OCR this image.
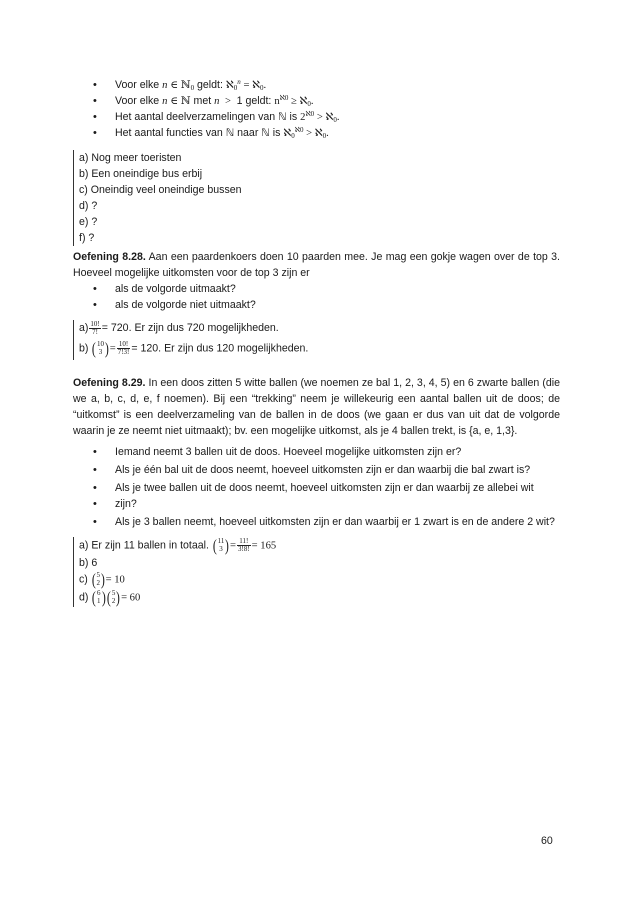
• Voor elke n ∈ ℕ$_0$ geldt: ℵ$_0^n$ = ℵ$_0$.
• Voor elke n ∈ ℕ met n  >  1 geldt: $n^{ℵ0}$ ≥ ℵ$_0$.
• Het aantal deelverzamelingen van ℕ is $2^{ℵ0}$ > ℵ$_0$.
• Het aantal functies van ℕ naar ℕ is ℵ$_0^{ℵ0}$ > ℵ$_0$.
a) Nog meer toeristen
b) Een oneindige bus erbij
c) Oneindig veel oneindige bussen
d) ?
e) ?
f) ?
Oefening 8.28. Aan een paardenkoers doen 10 paarden mee. Je mag een gokje wagen over de top 3. Hoeveel mogelijke uitkomsten voor de top 3 zijn er
• als de volgorde uitmaakt?
• als de volgorde niet uitmaakt?
$a) \frac{10!}{7!} = 720$. Er zijn dus 720 mogelijkheden.
b) ( 10
3 ) = $\frac{10!}{7!3!} = 120$. Er zijn dus 120 mogelijkheden.
Oefening 8.29. In een doos zitten 5 witte ballen (we noemen ze bal 1, 2, 3, 4, 5) en 6 zwarte ballen (die we a, b, c, d, e, f noemen). Bij een “trekking” neem je willekeurig een aantal ballen uit de doos; de “uitkomst” is een deelverzameling van de ballen in de doos (we gaan er dus van uit dat de volgorde waarin je ze neemt niet uitmaakt); bv. een mogelijke uitkomst, als je 4 ballen trekt, is {a, e, 1,3}.
• Iemand neemt 3 ballen uit de doos. Hoeveel mogelijke uitkomsten zijn er?
• Als je één bal uit de doos neemt, hoeveel uitkomsten zijn er dan waarbij die bal zwart is?
• Als je twee ballen uit de doos neemt, hoeveel uitkomsten zijn er dan waarbij ze allebei wit
• zijn?
• Als je 3 ballen neemt, hoeveel uitkomsten zijn er dan waarbij er 1 zwart is en de andere 2 wit?
a) Er zijn 11 ballen in totaal. ( 11
3 ) = $\frac{11!}{3!8!} = 165$
b) 6
c) ( 5
2 ) = 10
d) ( 6
1 ) ( 5
2 ) = 60
60
